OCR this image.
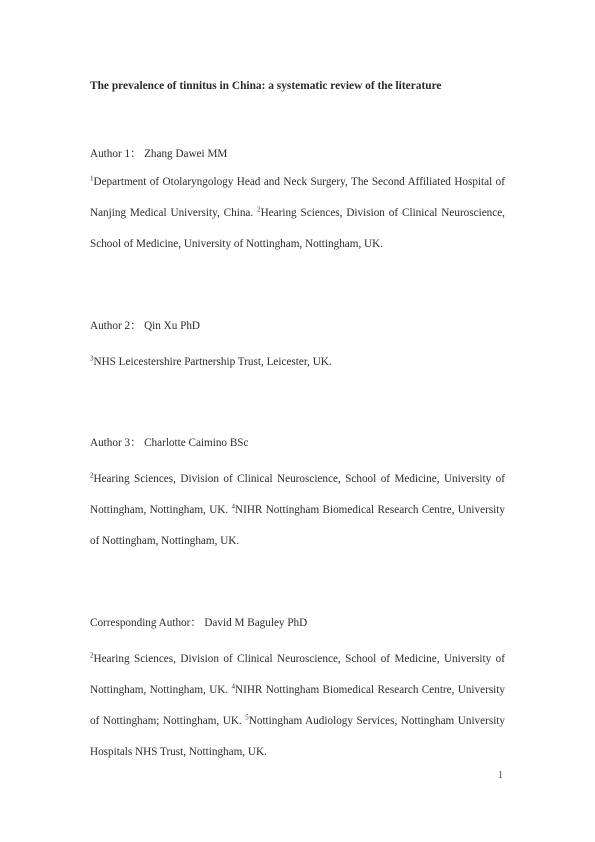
The prevalence of tinnitus in China: a systematic review of the literature
Author 1： Zhang Dawei MM
$^1$Department of Otolaryngology Head and Neck Surgery, The Second Affiliated Hospital of Nanjing Medical University, China. $^2$Hearing Sciences, Division of Clinical Neuroscience, School of Medicine, University of Nottingham, Nottingham, UK.
Author 2： Qin Xu PhD
$^3$NHS Leicestershire Partnership Trust, Leicester, UK.
Author 3： Charlotte Caimino BSc
$^2$Hearing Sciences, Division of Clinical Neuroscience, School of Medicine, University of Nottingham, Nottingham, UK. $^4$NIHR Nottingham Biomedical Research Centre, University of Nottingham, Nottingham, UK.
Corresponding Author： David M Baguley PhD
$^2$Hearing Sciences, Division of Clinical Neuroscience, School of Medicine, University of Nottingham, Nottingham, UK. $^4$NIHR Nottingham Biomedical Research Centre, University of Nottingham; Nottingham, UK. $^5$Nottingham Audiology Services, Nottingham University Hospitals NHS Trust, Nottingham, UK.
1
